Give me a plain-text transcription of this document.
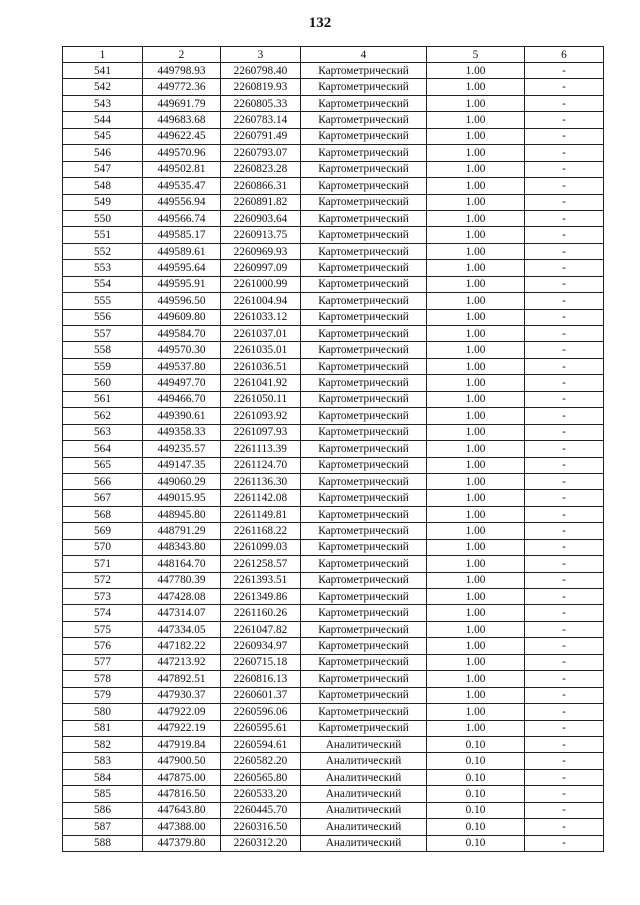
132
1	2	3	4	5	6
541	449798.93	2260798.40	Картометрический	1.00	-
542	449772.36	2260819.93	Картометрический	1.00	-
543	449691.79	2260805.33	Картометрический	1.00	-
544	449683.68	2260783.14	Картометрический	1.00	-
545	449622.45	2260791.49	Картометрический	1.00	-
546	449570.96	2260793.07	Картометрический	1.00	-
547	449502.81	2260823.28	Картометрический	1.00	-
548	449535.47	2260866.31	Картометрический	1.00	-
549	449556.94	2260891.82	Картометрический	1.00	-
550	449566.74	2260903.64	Картометрический	1.00	-
551	449585.17	2260913.75	Картометрический	1.00	-
552	449589.61	2260969.93	Картометрический	1.00	-
553	449595.64	2260997.09	Картометрический	1.00	-
554	449595.91	2261000.99	Картометрический	1.00	-
555	449596.50	2261004.94	Картометрический	1.00	-
556	449609.80	2261033.12	Картометрический	1.00	-
557	449584.70	2261037.01	Картометрический	1.00	-
558	449570.30	2261035.01	Картометрический	1.00	-
559	449537.80	2261036.51	Картометрический	1.00	-
560	449497.70	2261041.92	Картометрический	1.00	-
561	449466.70	2261050.11	Картометрический	1.00	-
562	449390.61	2261093.92	Картометрический	1.00	-
563	449358.33	2261097.93	Картометрический	1.00	-
564	449235.57	2261113.39	Картометрический	1.00	-
565	449147.35	2261124.70	Картометрический	1.00	-
566	449060.29	2261136.30	Картометрический	1.00	-
567	449015.95	2261142.08	Картометрический	1.00	-
568	448945.80	2261149.81	Картометрический	1.00	-
569	448791.29	2261168.22	Картометрический	1.00	-
570	448343.80	2261099.03	Картометрический	1.00	-
571	448164.70	2261258.57	Картометрический	1.00	-
572	447780.39	2261393.51	Картометрический	1.00	-
573	447428.08	2261349.86	Картометрический	1.00	-
574	447314.07	2261160.26	Картометрический	1.00	-
575	447334.05	2261047.82	Картометрический	1.00	-
576	447182.22	2260934.97	Картометрический	1.00	-
577	447213.92	2260715.18	Картометрический	1.00	-
578	447892.51	2260816.13	Картометрический	1.00	-
579	447930.37	2260601.37	Картометрический	1.00	-
580	447922.09	2260596.06	Картометрический	1.00	-
581	447922.19	2260595.61	Картометрический	1.00	-
582	447919.84	2260594.61	Аналитический	0.10	-
583	447900.50	2260582.20	Аналитический	0.10	-
584	447875.00	2260565.80	Аналитический	0.10	-
585	447816.50	2260533.20	Аналитический	0.10	-
586	447643.80	2260445.70	Аналитический	0.10	-
587	447388.00	2260316.50	Аналитический	0.10	-
588	447379.80	2260312.20	Аналитический	0.10	-
